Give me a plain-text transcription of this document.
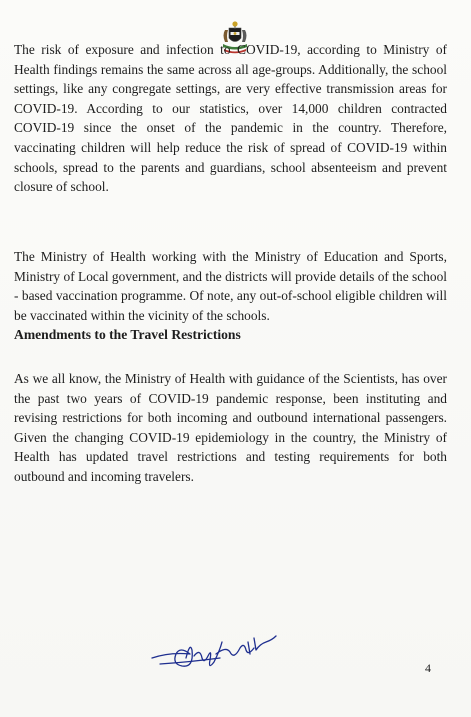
The risk of exposure and infection to COVID-19, according to Ministry of Health findings remains the same across all age-groups. Additionally, the school settings, like any congregate settings, are very effective transmission areas for COVID-19. According to our statistics, over 14,000 children contracted COVID-19 since the onset of the pandemic in the country. Therefore, vaccinating children will help reduce the risk of spread of COVID-19 within schools, spread to the parents and guardians, school absenteeism and prevent closure of school.

The Ministry of Health working with the Ministry of Education and Sports, Ministry of Local government, and the districts will provide details of the school - based vaccination programme. Of note, any out-of-school eligible children will be vaccinated within the vicinity of the schools.

Amendments to the Travel Restrictions

As we all know, the Ministry of Health with guidance of the Scientists, has over the past two years of COVID-19 pandemic response, been instituting and revising restrictions for both incoming and outbound international passengers. Given the changing COVID-19 epidemiology in the country, the Ministry of Health has updated travel restrictions and testing requirements for both outbound and incoming travelers.

4
